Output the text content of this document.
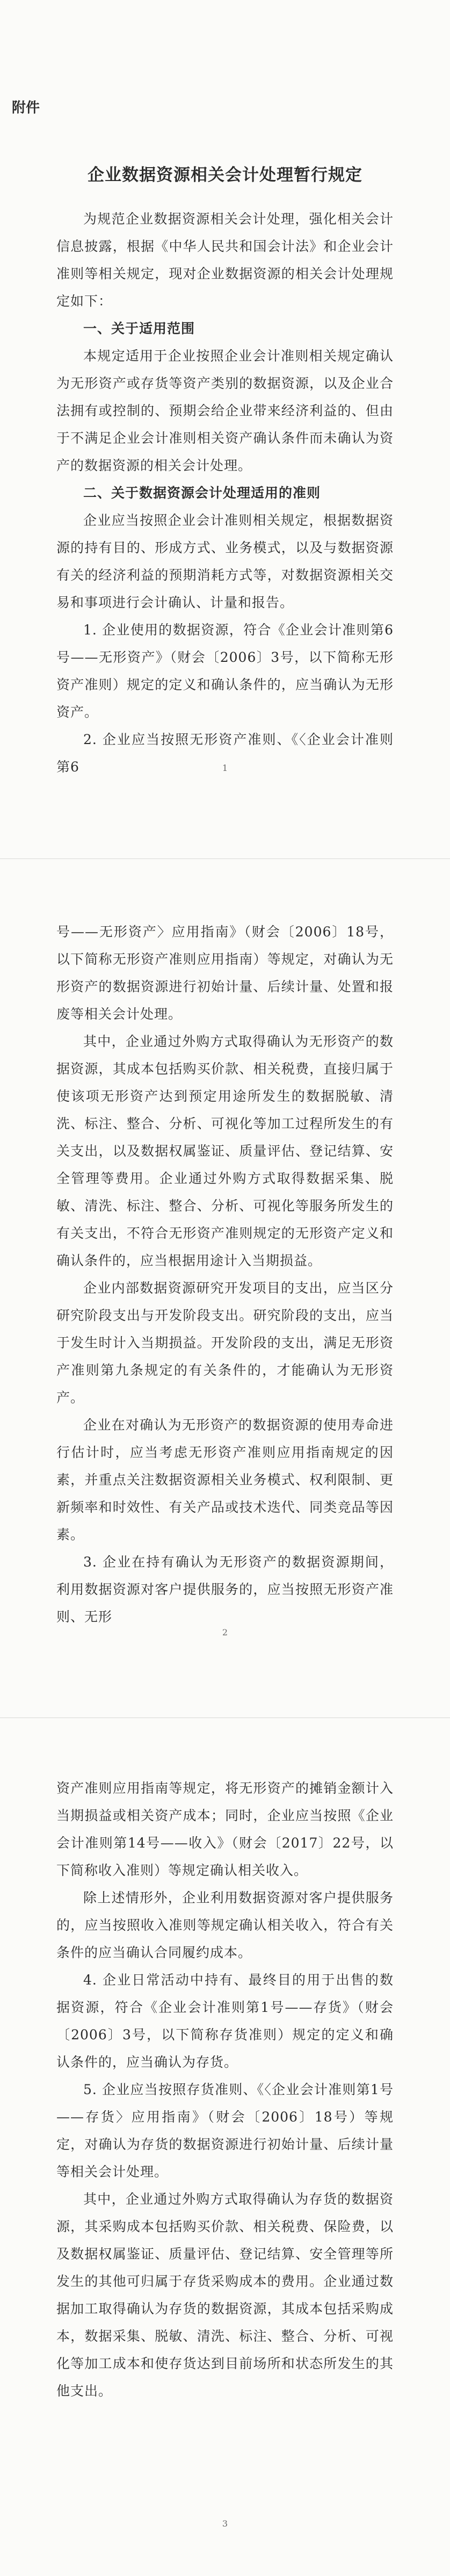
附件
企业数据资源相关会计处理暂行规定

为规范企业数据资源相关会计处理，强化相关会计信息披露，根据《中华人民共和国会计法》和企业会计准则等相关规定，现对企业数据资源的相关会计处理规定如下：

一、关于适用范围

本规定适用于企业按照企业会计准则相关规定确认为无形资产或存货等资产类别的数据资源，以及企业合法拥有或控制的、预期会给企业带来经济利益的、但由于不满足企业会计准则相关资产确认条件而未确认为资产的数据资源的相关会计处理。

二、关于数据资源会计处理适用的准则

企业应当按照企业会计准则相关规定，根据数据资源的持有目的、形成方式、业务模式，以及与数据资源有关的经济利益的预期消耗方式等，对数据资源相关交易和事项进行会计确认、计量和报告。

1. 企业使用的数据资源，符合《企业会计准则第6号——无形资产》（财会〔2006〕3号，以下简称无形资产准则）规定的定义和确认条件的，应当确认为无形资产。

2. 企业应当按照无形资产准则、《〈企业会计准则第6	1

号——无形资产〉应用指南》（财会〔2006〕18号，以下简称无形资产准则应用指南）等规定，对确认为无形资产的数据资源进行初始计量、后续计量、处置和报废等相关会计处理。

其中，企业通过外购方式取得确认为无形资产的数据资源，其成本包括购买价款、相关税费，直接归属于使该项无形资产达到预定用途所发生的数据脱敏、清洗、标注、整合、分析、可视化等加工过程所发生的有关支出，以及数据权属鉴证、质量评估、登记结算、安全管理等费用。企业通过外购方式取得数据采集、脱敏、清洗、标注、整合、分析、可视化等服务所发生的有关支出，不符合无形资产准则规定的无形资产定义和确认条件的，应当根据用途计入当期损益。

企业内部数据资源研究开发项目的支出，应当区分研究阶段支出与开发阶段支出。研究阶段的支出，应当于发生时计入当期损益。开发阶段的支出，满足无形资产准则第九条规定的有关条件的，才能确认为无形资产。

企业在对确认为无形资产的数据资源的使用寿命进行估计时，应当考虑无形资产准则应用指南规定的因素，并重点关注数据资源相关业务模式、权利限制、更新频率和时效性、有关产品或技术迭代、同类竞品等因素。

3. 企业在持有确认为无形资产的数据资源期间，利用数据资源对客户提供服务的，应当按照无形资产准则、无形

2

资产准则应用指南等规定，将无形资产的摊销金额计入当期损益或相关资产成本；同时，企业应当按照《企业会计准则第14号——收入》（财会〔2017〕22号，以下简称收入准则）等规定确认相关收入。

除上述情形外，企业利用数据资源对客户提供服务的，应当按照收入准则等规定确认相关收入，符合有关条件的应当确认合同履约成本。

4. 企业日常活动中持有、最终目的用于出售的数据资源，符合《企业会计准则第1号——存货》（财会〔2006〕3号，以下简称存货准则）规定的定义和确认条件的，应当确认为存货。

5. 企业应当按照存货准则、《〈企业会计准则第1号——存货〉应用指南》（财会〔2006〕18号）等规定，对确认为存货的数据资源进行初始计量、后续计量等相关会计处理。

其中，企业通过外购方式取得确认为存货的数据资源，其采购成本包括购买价款、相关税费、保险费，以及数据权属鉴证、质量评估、登记结算、安全管理等所发生的其他可归属于存货采购成本的费用。企业通过数据加工取得确认为存货的数据资源，其成本包括采购成本，数据采集、脱敏、清洗、标注、整合、分析、可视化等加工成本和使存货达到目前场所和状态所发生的其他支出。

3
